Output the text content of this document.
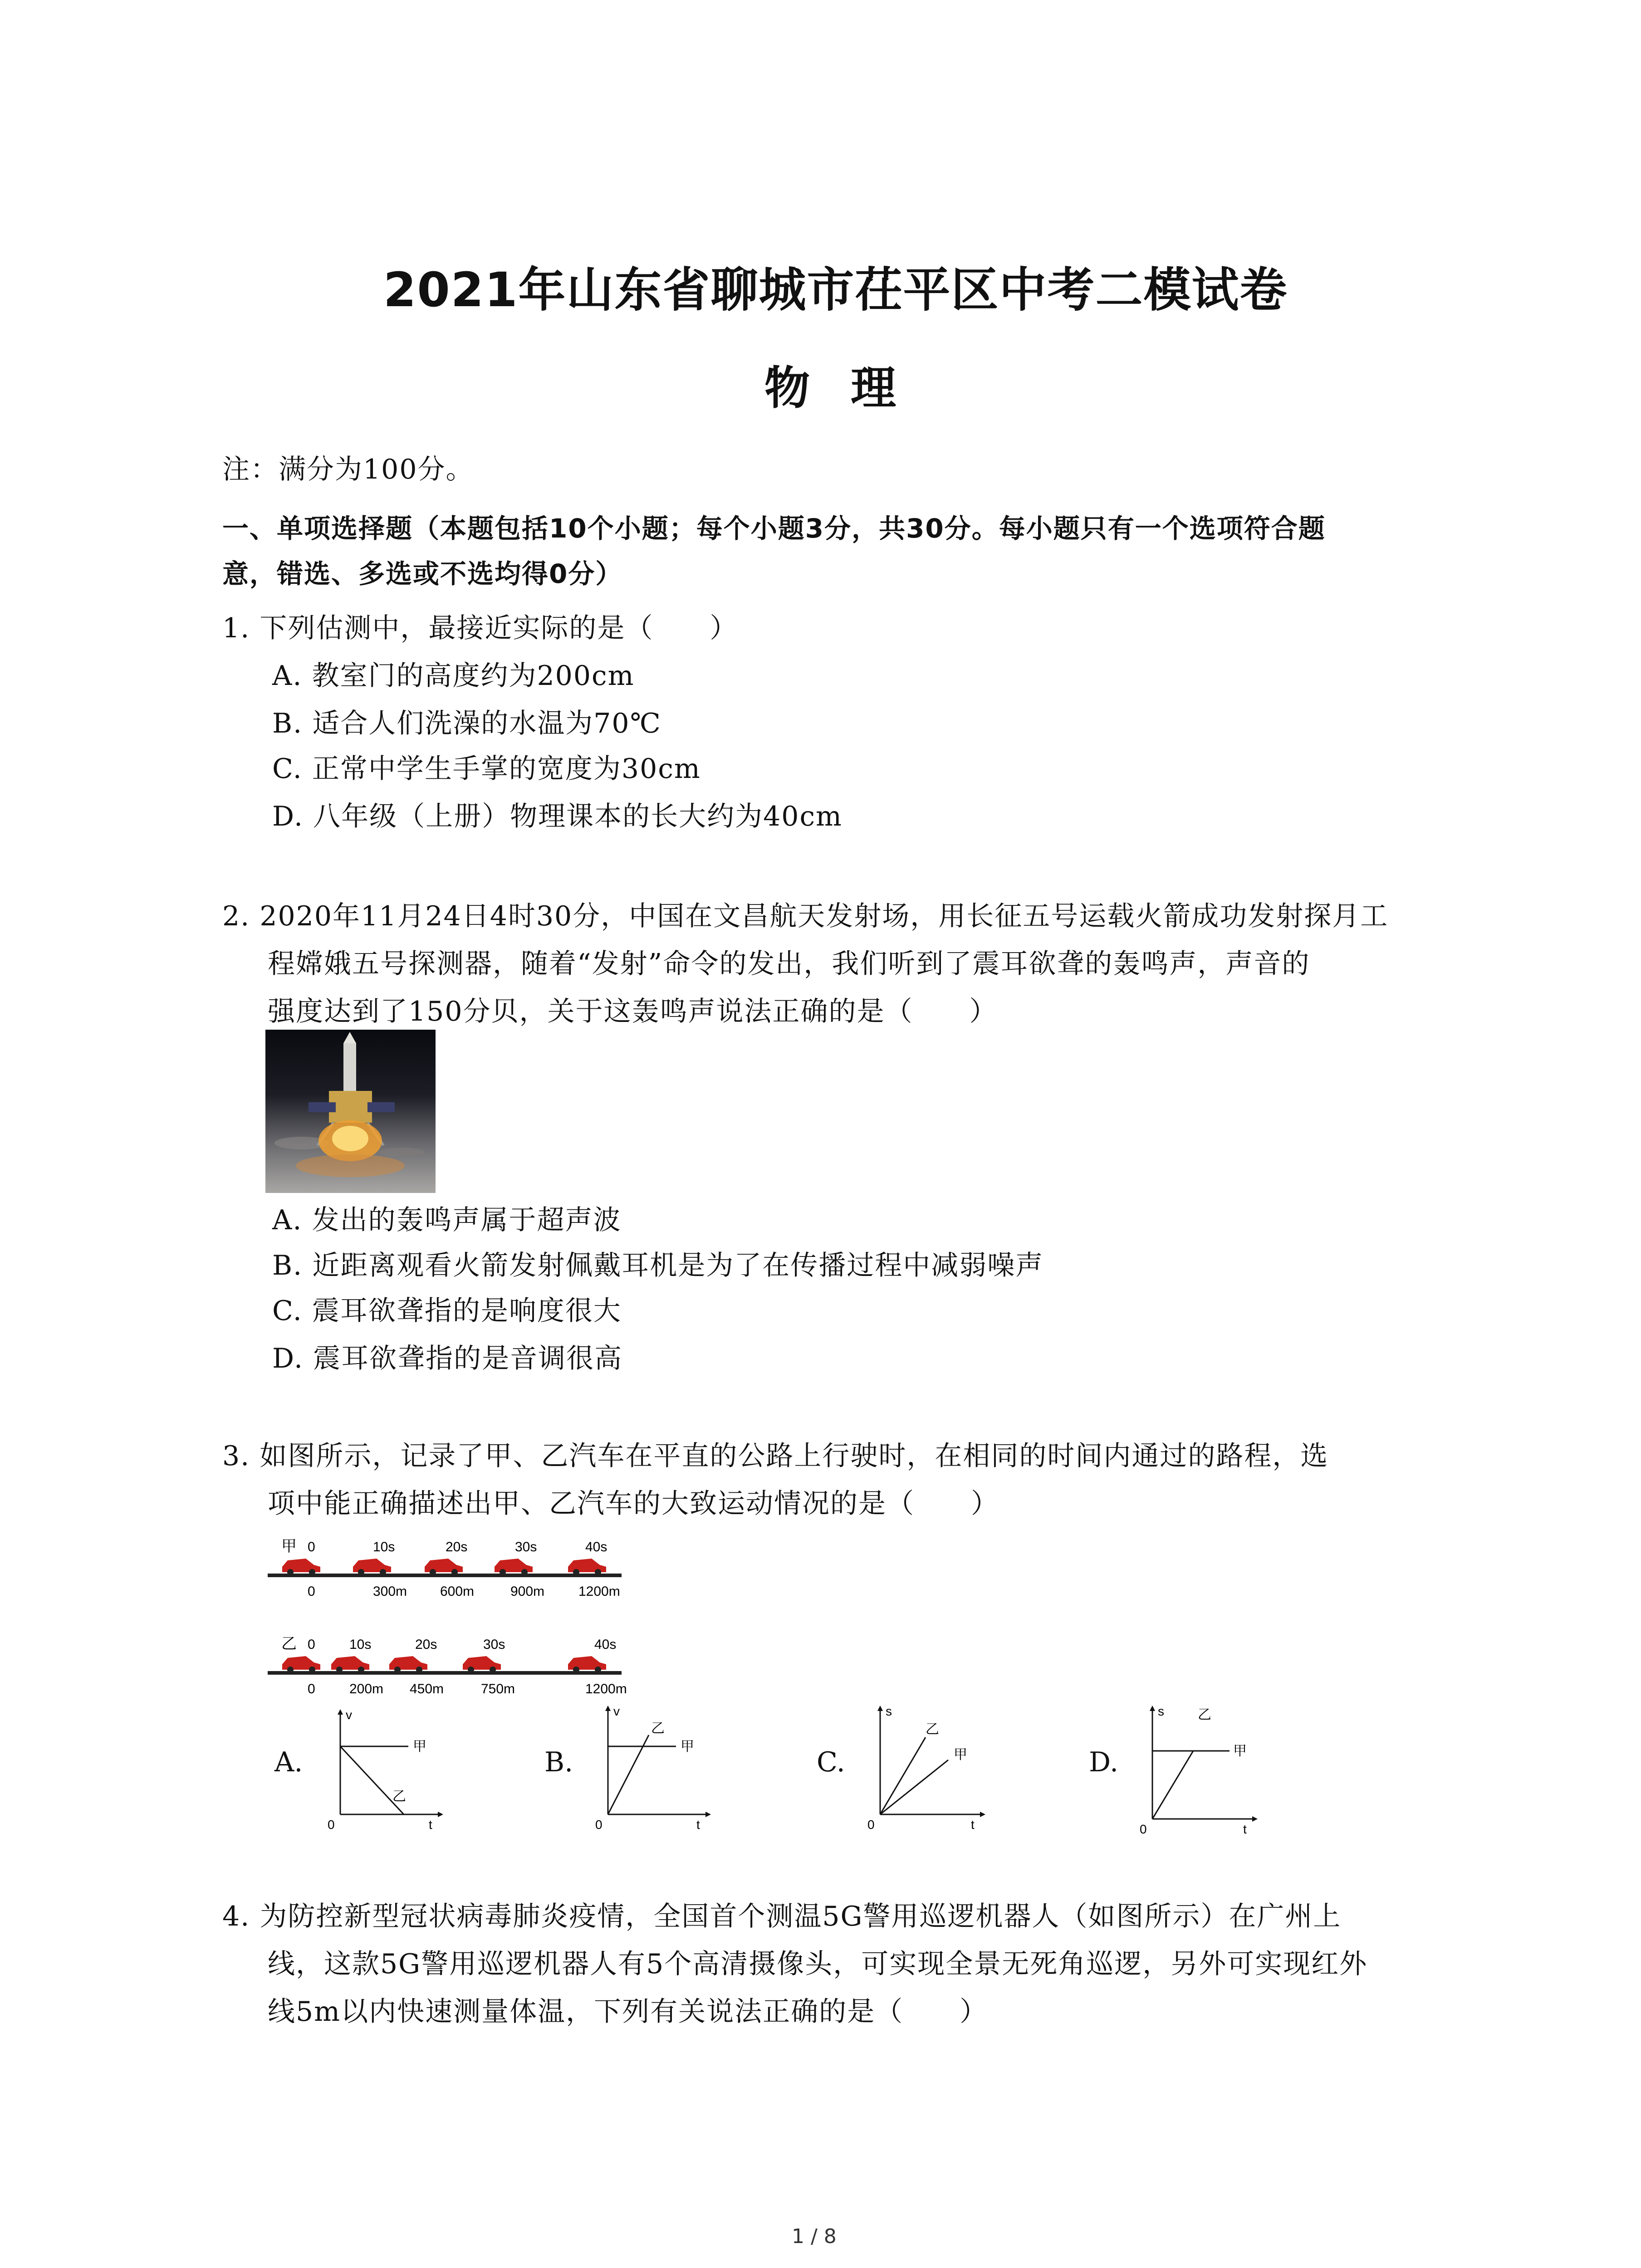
2021年山东省聊城市茌平区中考二模试卷
物理
注：满分为100分。
一、单项选择题（本题包括10个小题；每个小题3分，共30分。每小题只有一个选项符合题
意，错选、多选或不选均得0分）
1. 下列估测中，最接近实际的是（　　）
A. 教室门的高度约为200cm
B. 适合人们洗澡的水温为70℃
C. 正常中学生手掌的宽度为30cm
D. 八年级（上册）物理课本的长大约为40cm
2. 2020年11月24日4时30分，中国在文昌航天发射场，用长征五号运载火箭成功发射探月工
程嫦娥五号探测器，随着“发射”命令的发出，我们听到了震耳欲聋的轰鸣声，声音的
强度达到了150分贝，关于这轰鸣声说法正确的是（　　）
A. 发出的轰鸣声属于超声波
B. 近距离观看火箭发射佩戴耳机是为了在传播过程中减弱噪声
C. 震耳欲聋指的是响度很大
D. 震耳欲聋指的是音调很高
3. 如图所示，记录了甲、乙汽车在平直的公路上行驶时，在相同的时间内通过的路程，选
项中能正确描述出甲、乙汽车的大致运动情况的是（　　）
甲 0	10s	20s	30s	40s
0	300m 600m	900m 1200m
乙 0	10s	20s	30s	40s
0	200m 450m	750m	1200m
A.
v
t
0
甲
乙
B.
v
t
0
甲
乙
C.
s
t
0
甲
乙
D.
s
t
0
甲
乙
4. 为防控新型冠状病毒肺炎疫情，全国首个测温5G警用巡逻机器人（如图所示）在广州上
线，这款5G警用巡逻机器人有5个高清摄像头，可实现全景无死角巡逻，另外可实现红外
线5m以内快速测量体温，下列有关说法正确的是（　　）
1 / 8
